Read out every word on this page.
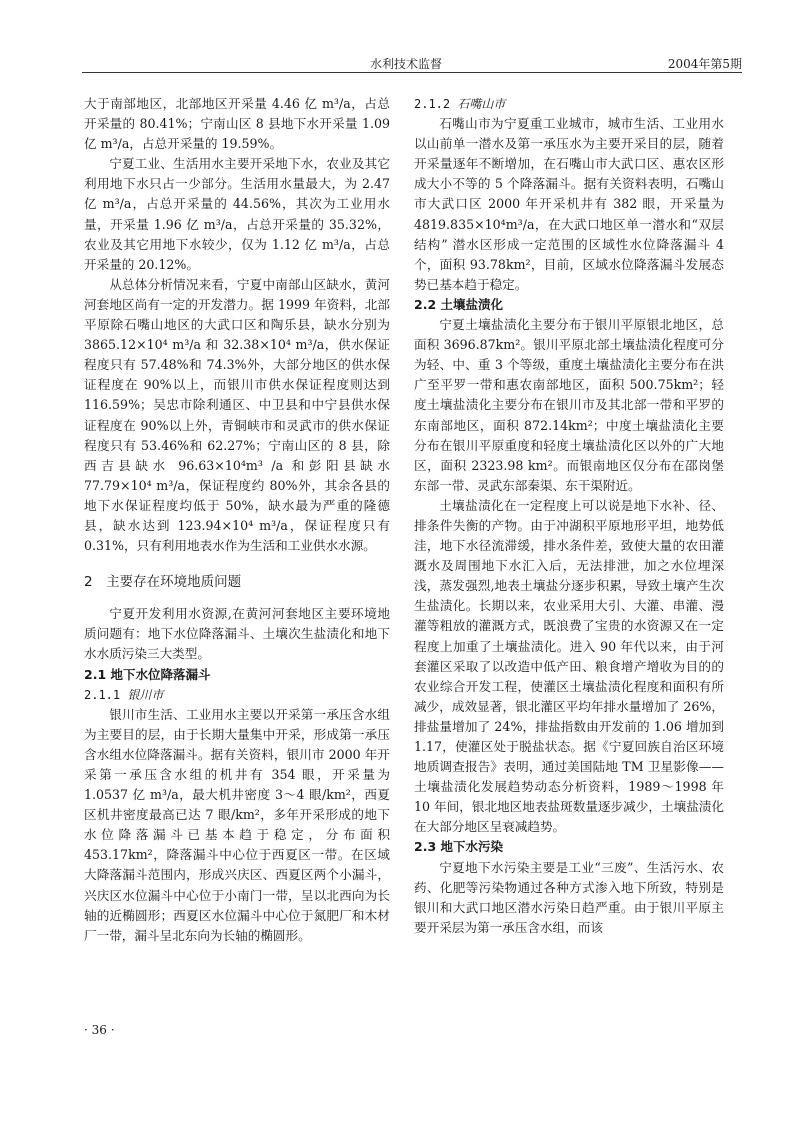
水利技术监督	2004年第5期

大于南部地区，北部地区开采量 4.46 亿 m³/a，占总开采量的 80.41%；宁南山区 8 县地下水开采量 1.09 亿 m³/a，占总开采量的 19.59%。

宁夏工业、生活用水主要开采地下水，农业及其它利用地下水只占一少部分。生活用水量最大，为 2.47 亿 m³/a，占总开采量的 44.56%，其次为工业用水量，开采量 1.96 亿 m³/a，占总开采量的 35.32%，农业及其它用地下水较少，仅为 1.12 亿 m³/a，占总开采量的 20.12%。

从总体分析情况来看，宁夏中南部山区缺水，黄河河套地区尚有一定的开发潜力。据 1999 年资料，北部平原除石嘴山地区的大武口区和陶乐县，缺水分别为 3865.12×10⁴ m³/a 和 32.38×10⁴ m³/a，供水保证程度只有 57.48%和 74.3%外，大部分地区的供水保证程度在 90%以上，而银川市供水保证程度则达到 116.59%；吴忠市除利通区、中卫县和中宁县供水保证程度在 90%以上外，青铜峡市和灵武市的供水保证程度只有 53.46%和 62.27%；宁南山区的 8 县，除西吉县缺水 96.63×10⁴m³ /a 和彭阳县缺水 77.79×10⁴ m³/a，保证程度约 80%外，其余各县的地下水保证程度均低于 50%，缺水最为严重的隆德县，缺水达到 123.94×10⁴ m³/a，保证程度只有 0.31%，只有利用地表水作为生活和工业供水水源。

2　主要存在环境地质问题

宁夏开发利用水资源,在黄河河套地区主要环境地质问题有：地下水位降落漏斗、土壤次生盐渍化和地下水水质污染三大类型。

2.1 地下水位降落漏斗
2.1.1 银川市

银川市生活、工业用水主要以开采第一承压含水组为主要目的层，由于长期大量集中开采，形成第一承压含水组水位降落漏斗。据有关资料，银川市 2000 年开采第一承压含水组的机井有 354 眼，开采量为 1.0537 亿 m³/a，最大机井密度 3～4 眼/km²，西夏区机井密度最高已达 7 眼/km²，多年开采形成的地下水位降落漏斗已基本趋于稳定，分布面积 453.17km²，降落漏斗中心位于西夏区一带。在区域大降落漏斗范围内，形成兴庆区、西夏区两个小漏斗，兴庆区水位漏斗中心位于小南门一带，呈以北西向为长轴的近椭圆形；西夏区水位漏斗中心位于氮肥厂和木材厂一带，漏斗呈北东向为长轴的椭圆形。

2.1.2 石嘴山市

石嘴山市为宁夏重工业城市，城市生活、工业用水以山前单一潜水及第一承压水为主要开采目的层，随着开采量逐年不断增加，在石嘴山市大武口区、惠农区形成大小不等的 5 个降落漏斗。据有关资料表明，石嘴山市大武口区 2000 年开采机井有 382 眼，开采量为 4819.835×10⁴m³/a，在大武口地区单一潜水和“双层结构” 潜水区形成一定范围的区域性水位降落漏斗 4 个，面积 93.78km²，目前，区域水位降落漏斗发展态势已基本趋于稳定。

2.2 土壤盐渍化

宁夏土壤盐渍化主要分布于银川平原银北地区，总面积 3696.87km²。银川平原北部土壤盐渍化程度可分为轻、中、重 3 个等级，重度土壤盐渍化主要分布在洪广至平罗一带和惠农南部地区，面积 500.75km²；轻度土壤盐渍化主要分布在银川市及其北部一带和平罗的东南部地区，面积 872.14km²；中度土壤盐渍化主要分布在银川平原重度和轻度土壤盐渍化区以外的广大地区，面积 2323.98 km²。而银南地区仅分布在邵岗堡东部一带、灵武东部秦渠、东干渠附近。

土壤盐渍化在一定程度上可以说是地下水补、径、排条件失衡的产物。由于冲湖积平原地形平坦，地势低洼，地下水径流滞缓，排水条件差，致使大量的农田灌溉水及周围地下水汇入后，无法排泄，加之水位埋深浅，蒸发强烈,地表土壤盐分逐步积累，导致土壤产生次生盐渍化。长期以来，农业采用大引、大灌、串灌、漫灌等粗放的灌溉方式，既浪费了宝贵的水资源又在一定程度上加重了土壤盐渍化。进入 90 年代以来，由于河套灌区采取了以改造中低产田、粮食增产增收为目的的农业综合开发工程，使灌区土壤盐渍化程度和面积有所减少，成效显著，银北灌区平均年排水量增加了 26%，排盐量增加了 24%，排盐指数由开发前的 1.06 增加到 1.17，使灌区处于脱盐状态。据《宁夏回族自治区环境地质调查报告》表明，通过美国陆地 TM 卫星影像——土壤盐渍化发展趋势动态分析资料，1989～1998 年 10 年间，银北地区地表盐斑数量逐步减少，土壤盐渍化在大部分地区呈衰减趋势。

2.3 地下水污染

宁夏地下水污染主要是工业“三废”、生活污水、农药、化肥等污染物通过各种方式渗入地下所致，特别是银川和大武口地区潜水污染日趋严重。由于银川平原主要开采层为第一承压含水组，而该

· 36 ·
